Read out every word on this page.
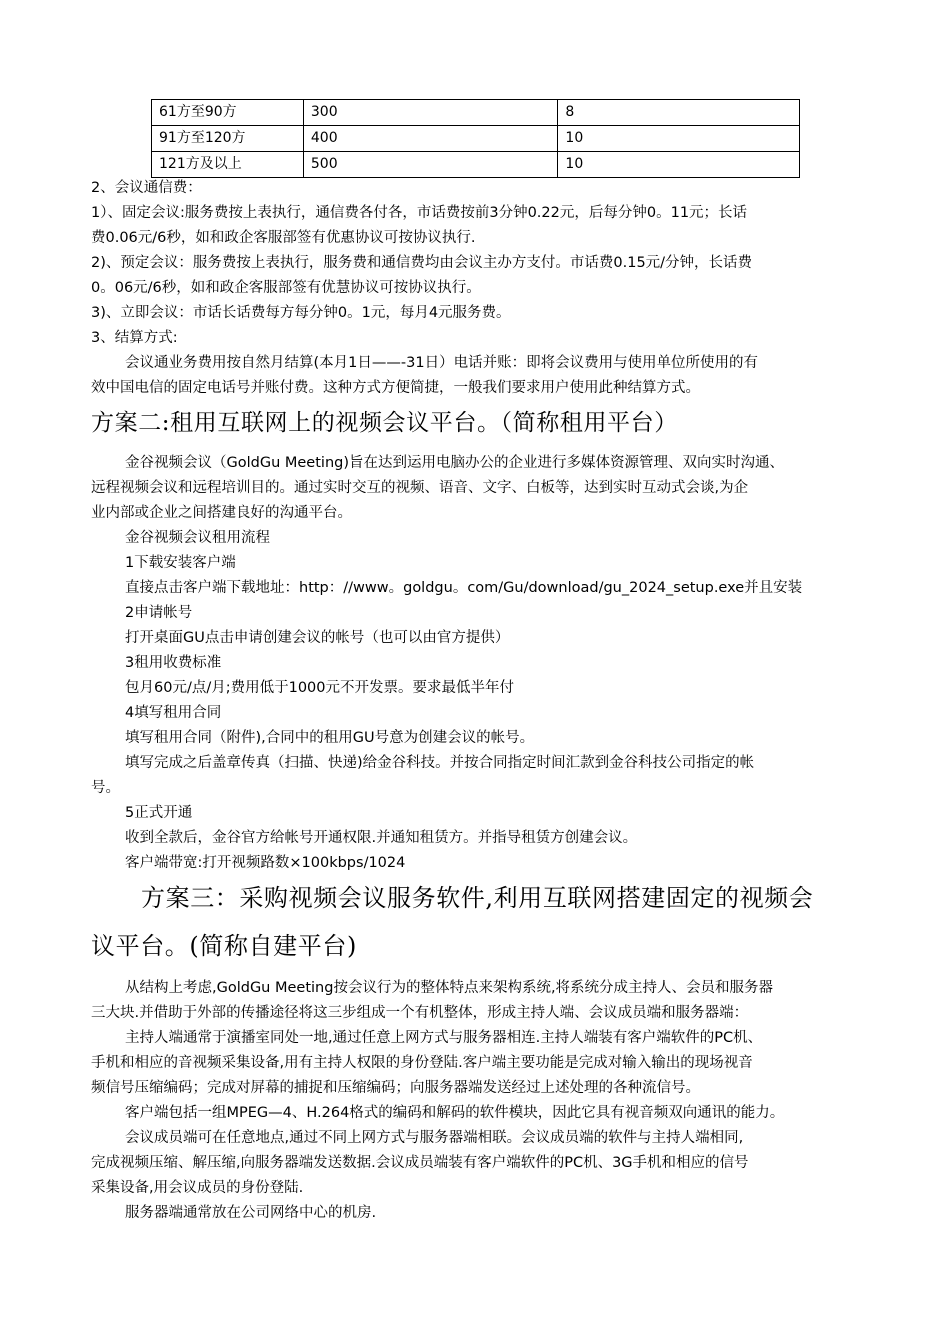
61方至90方	300	8
91方至120方	400	10
121方及以上	500	10
2、会议通信费：
1）、固定会议:服务费按上表执行，通信费各付各，市话费按前3分钟0.22元，后每分钟0。11元；长话
费0.06元/6秒，如和政企客服部签有优惠协议可按协议执行.
2)、预定会议：服务费按上表执行，服务费和通信费均由会议主办方支付。市话费0.15元/分钟，长话费
0。06元/6秒，如和政企客服部签有优慧协议可按协议执行。
3)、立即会议：市话长话费每方每分钟0。1元，每月4元服务费。
3、结算方式:
会议通业务费用按自然月结算(本月1日——-31日）电话并账：即将会议费用与使用单位所使用的有
效中国电信的固定电话号并账付费。这种方式方便简捷，一般我们要求用户使用此种结算方式。
方案二:租用互联网上的视频会议平台。（简称租用平台）
金谷视频会议（GoldGu Meeting)旨在达到运用电脑办公的企业进行多媒体资源管理、双向实时沟通、
远程视频会议和远程培训目的。通过实时交互的视频、语音、文字、白板等，达到实时互动式会谈,为企
业内部或企业之间搭建良好的沟通平台。
金谷视频会议租用流程
1下载安装客户端
直接点击客户端下载地址：http：//www。goldgu。com/Gu/download/gu_2024_setup.exe并且安装
2申请帐号
打开桌面GU点击申请创建会议的帐号（也可以由官方提供）
3租用收费标准
包月60元/点/月;费用低于1000元不开发票。要求最低半年付
4填写租用合同
填写租用合同（附件),合同中的租用GU号意为创建会议的帐号。
填写完成之后盖章传真（扫描、快递)给金谷科技。并按合同指定时间汇款到金谷科技公司指定的帐
号。
5正式开通
收到全款后，金谷官方给帐号开通权限.并通知租赁方。并指导租赁方创建会议。
客户端带宽:打开视频路数×100kbps/1024
方案三：采购视频会议服务软件,利用互联网搭建固定的视频会
议平台。(简称自建平台)
从结构上考虑,GoldGu Meeting按会议行为的整体特点来架构系统,将系统分成主持人、会员和服务器
三大块.并借助于外部的传播途径将这三步组成一个有机整体，形成主持人端、会议成员端和服务器端：
主持人端通常于演播室同处一地,通过任意上网方式与服务器相连.主持人端装有客户端软件的PC机、
手机和相应的音视频采集设备,用有主持人权限的身份登陆.客户端主要功能是完成对输入输出的现场视音
频信号压缩编码；完成对屏幕的捕捉和压缩编码；向服务器端发送经过上述处理的各种流信号。
客户端包括一组MPEG—4、H.264格式的编码和解码的软件模块，因此它具有视音频双向通讯的能力。
会议成员端可在任意地点,通过不同上网方式与服务器端相联。会议成员端的软件与主持人端相同,
完成视频压缩、解压缩,向服务器端发送数据.会议成员端装有客户端软件的PC机、3G手机和相应的信号
采集设备,用会议成员的身份登陆.
服务器端通常放在公司网络中心的机房.
